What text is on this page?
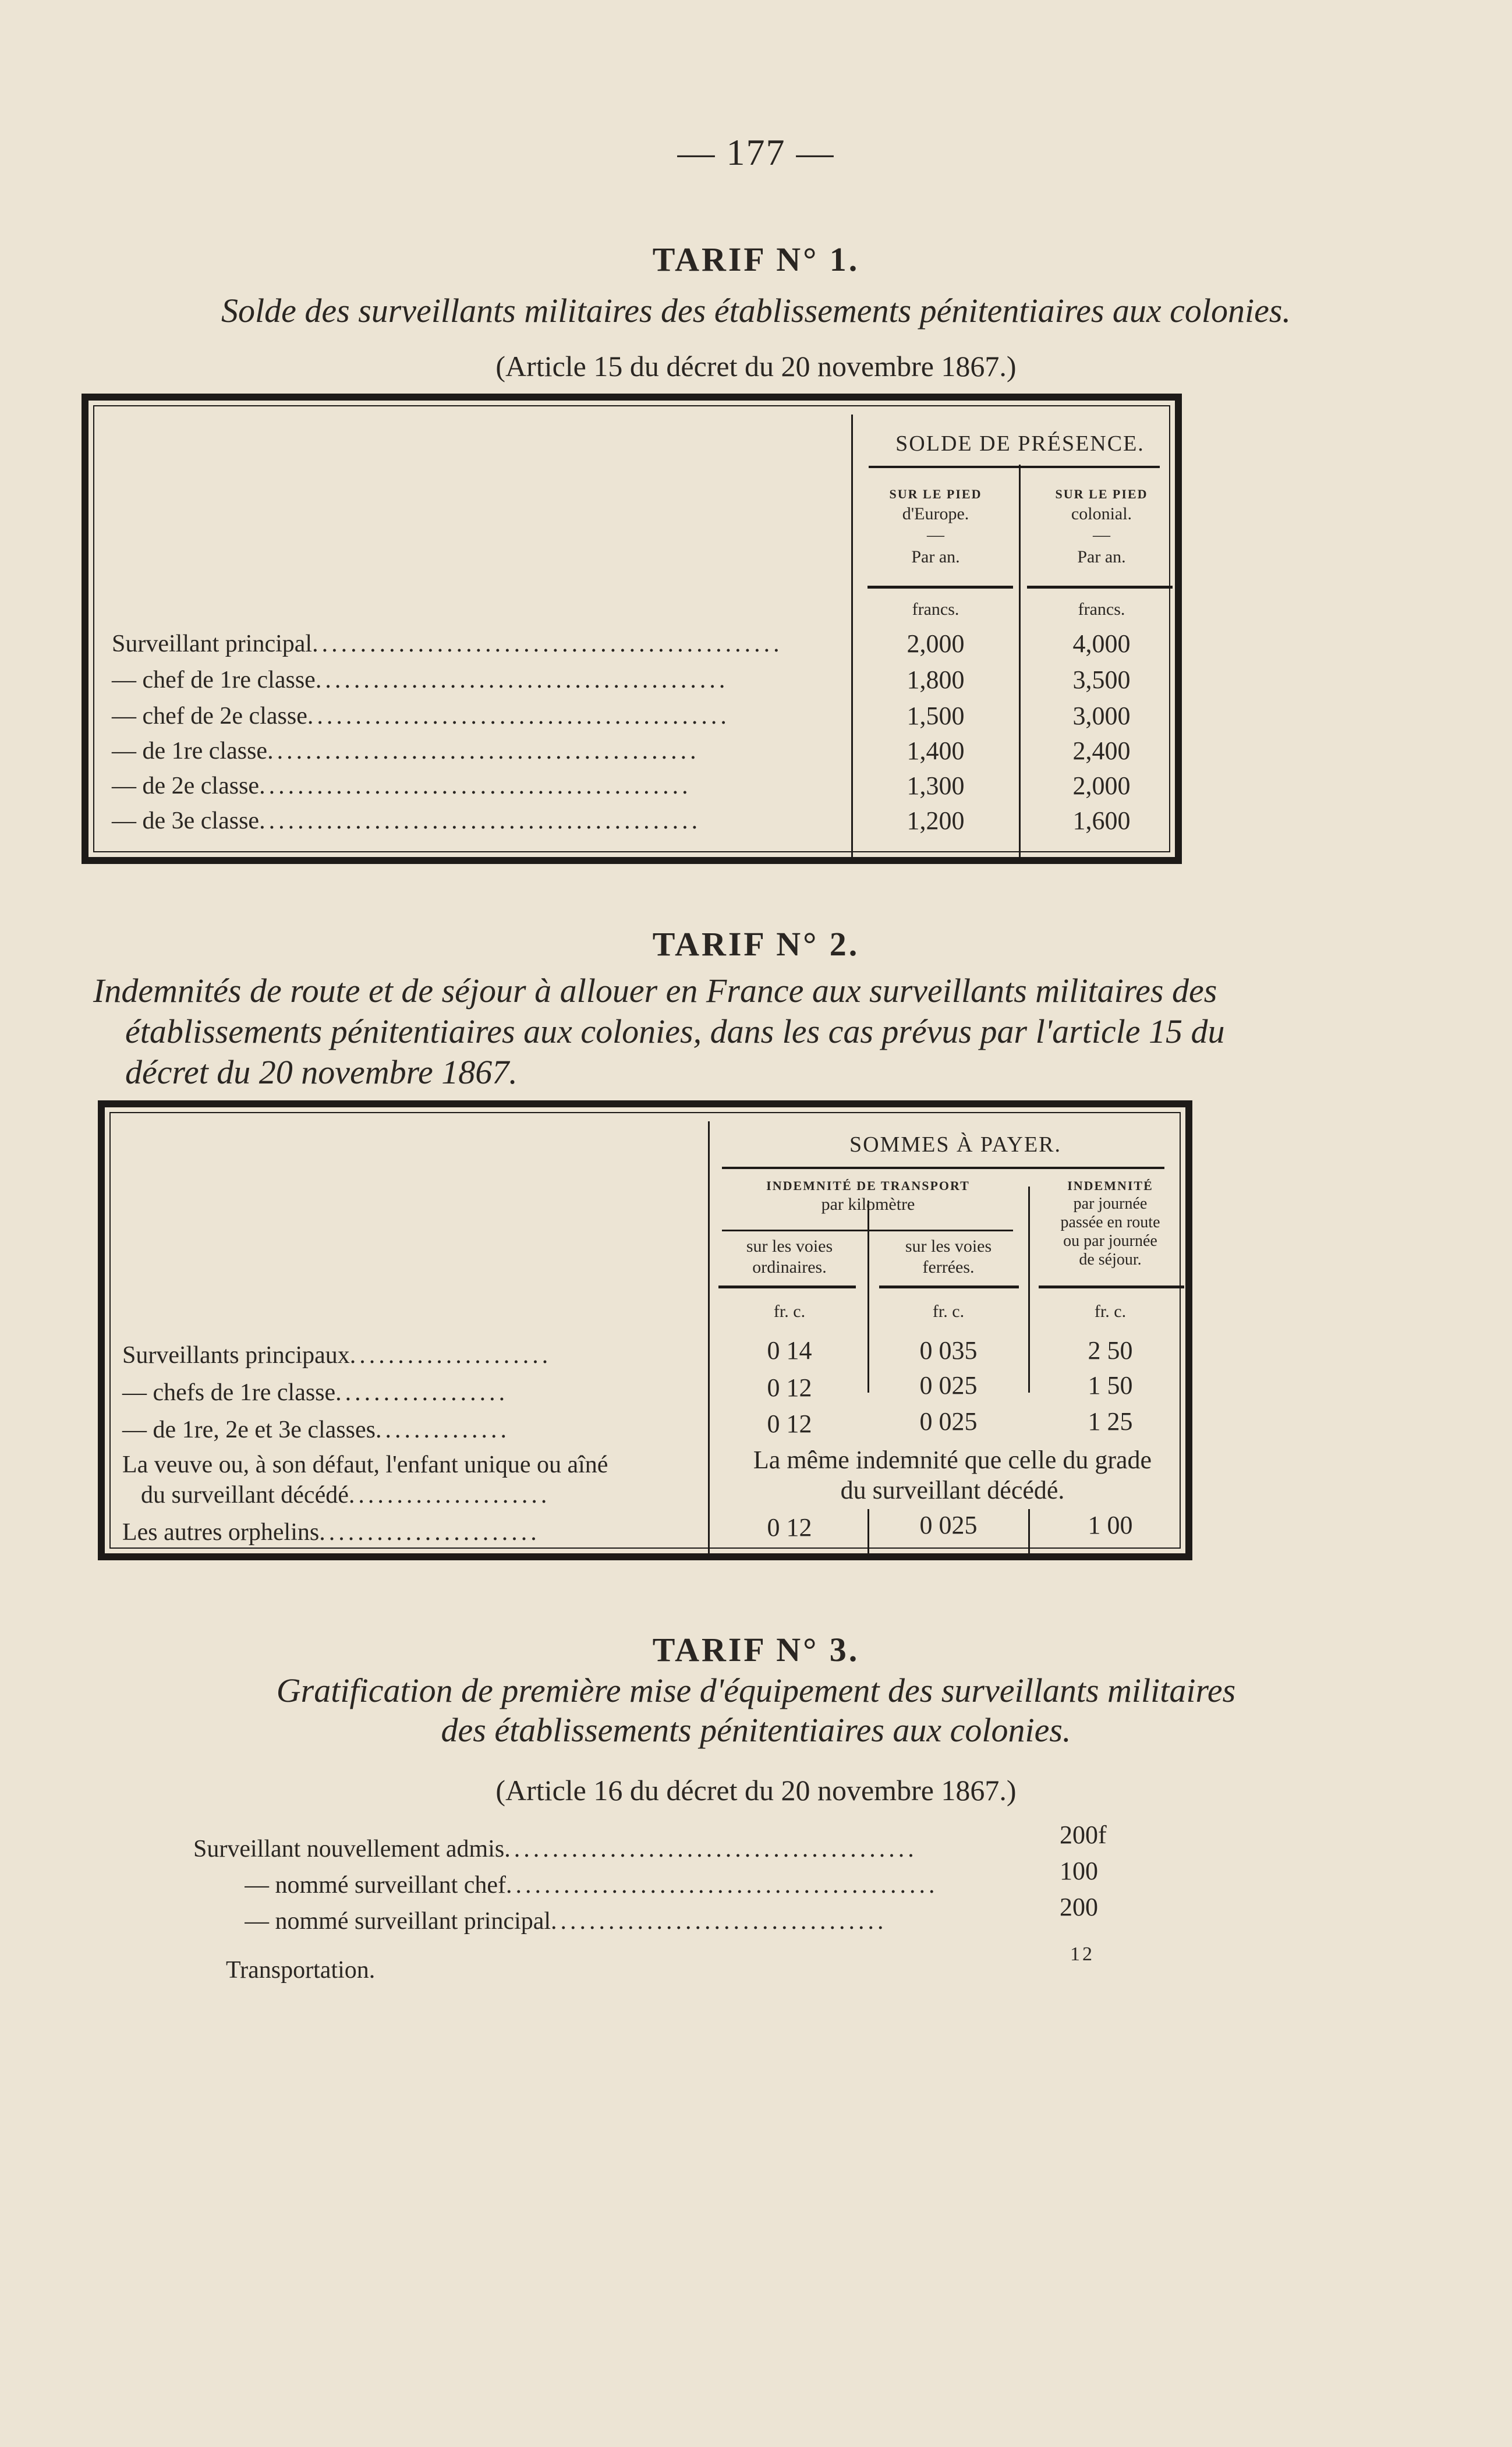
— 177 —
TARIF N° 1.
Solde des surveillants militaires des établissements pénitentiaires aux colonies.
(Article 15 du décret du 20 novembre 1867.)
SOLDE DE PRÉSENCE.
SUR LE PIED
d'Europe.
—
Par an.
SUR LE PIED
colonial.
—
Par an.
francs.	francs.
Surveillant principal.................................................	2,000	4,000
— chef de 1re classe...........................................	1,800	3,500
— chef de 2e classe............................................	1,500	3,000
— de 1re classe.............................................	1,400	2,400
— de 2e classe.............................................	1,300	2,000
— de 3e classe..............................................	1,200	1,600
TARIF N° 2.
Indemnités de route et de séjour à allouer en France aux surveillants militaires des
établissements pénitentiaires aux colonies, dans les cas prévus par l'article 15 du
décret du 20 novembre 1867.
SOMMES À PAYER.
INDEMNITÉ DE TRANSPORT
par kilomètre
INDEMNITÉ
par journée
passée en route
ou par journée
de séjour.
sur les voies
ordinaires.
sur les voies
ferrées.
fr. c.	fr. c.	fr. c.
Surveillants principaux.....................	0 14	0 035	2 50
— chefs de 1re classe..................	0 12	0 025	1 50
— de 1re, 2e et 3e classes..............	0 12	0 025	1 25
La veuve ou, à son défaut, l'enfant unique ou aîné
du surveillant décédé.....................
La même indemnité que celle du grade
du surveillant décédé.
Les autres orphelins.......................	0 12	0 025	1 00
TARIF N° 3.
Gratification de première mise d'équipement des surveillants militaires
des établissements pénitentiaires aux colonies.
(Article 16 du décret du 20 novembre 1867.)
Surveillant nouvellement admis...........................................	200f
— nommé surveillant chef.............................................	100
— nommé surveillant principal...................................	200
Transportation.
12
